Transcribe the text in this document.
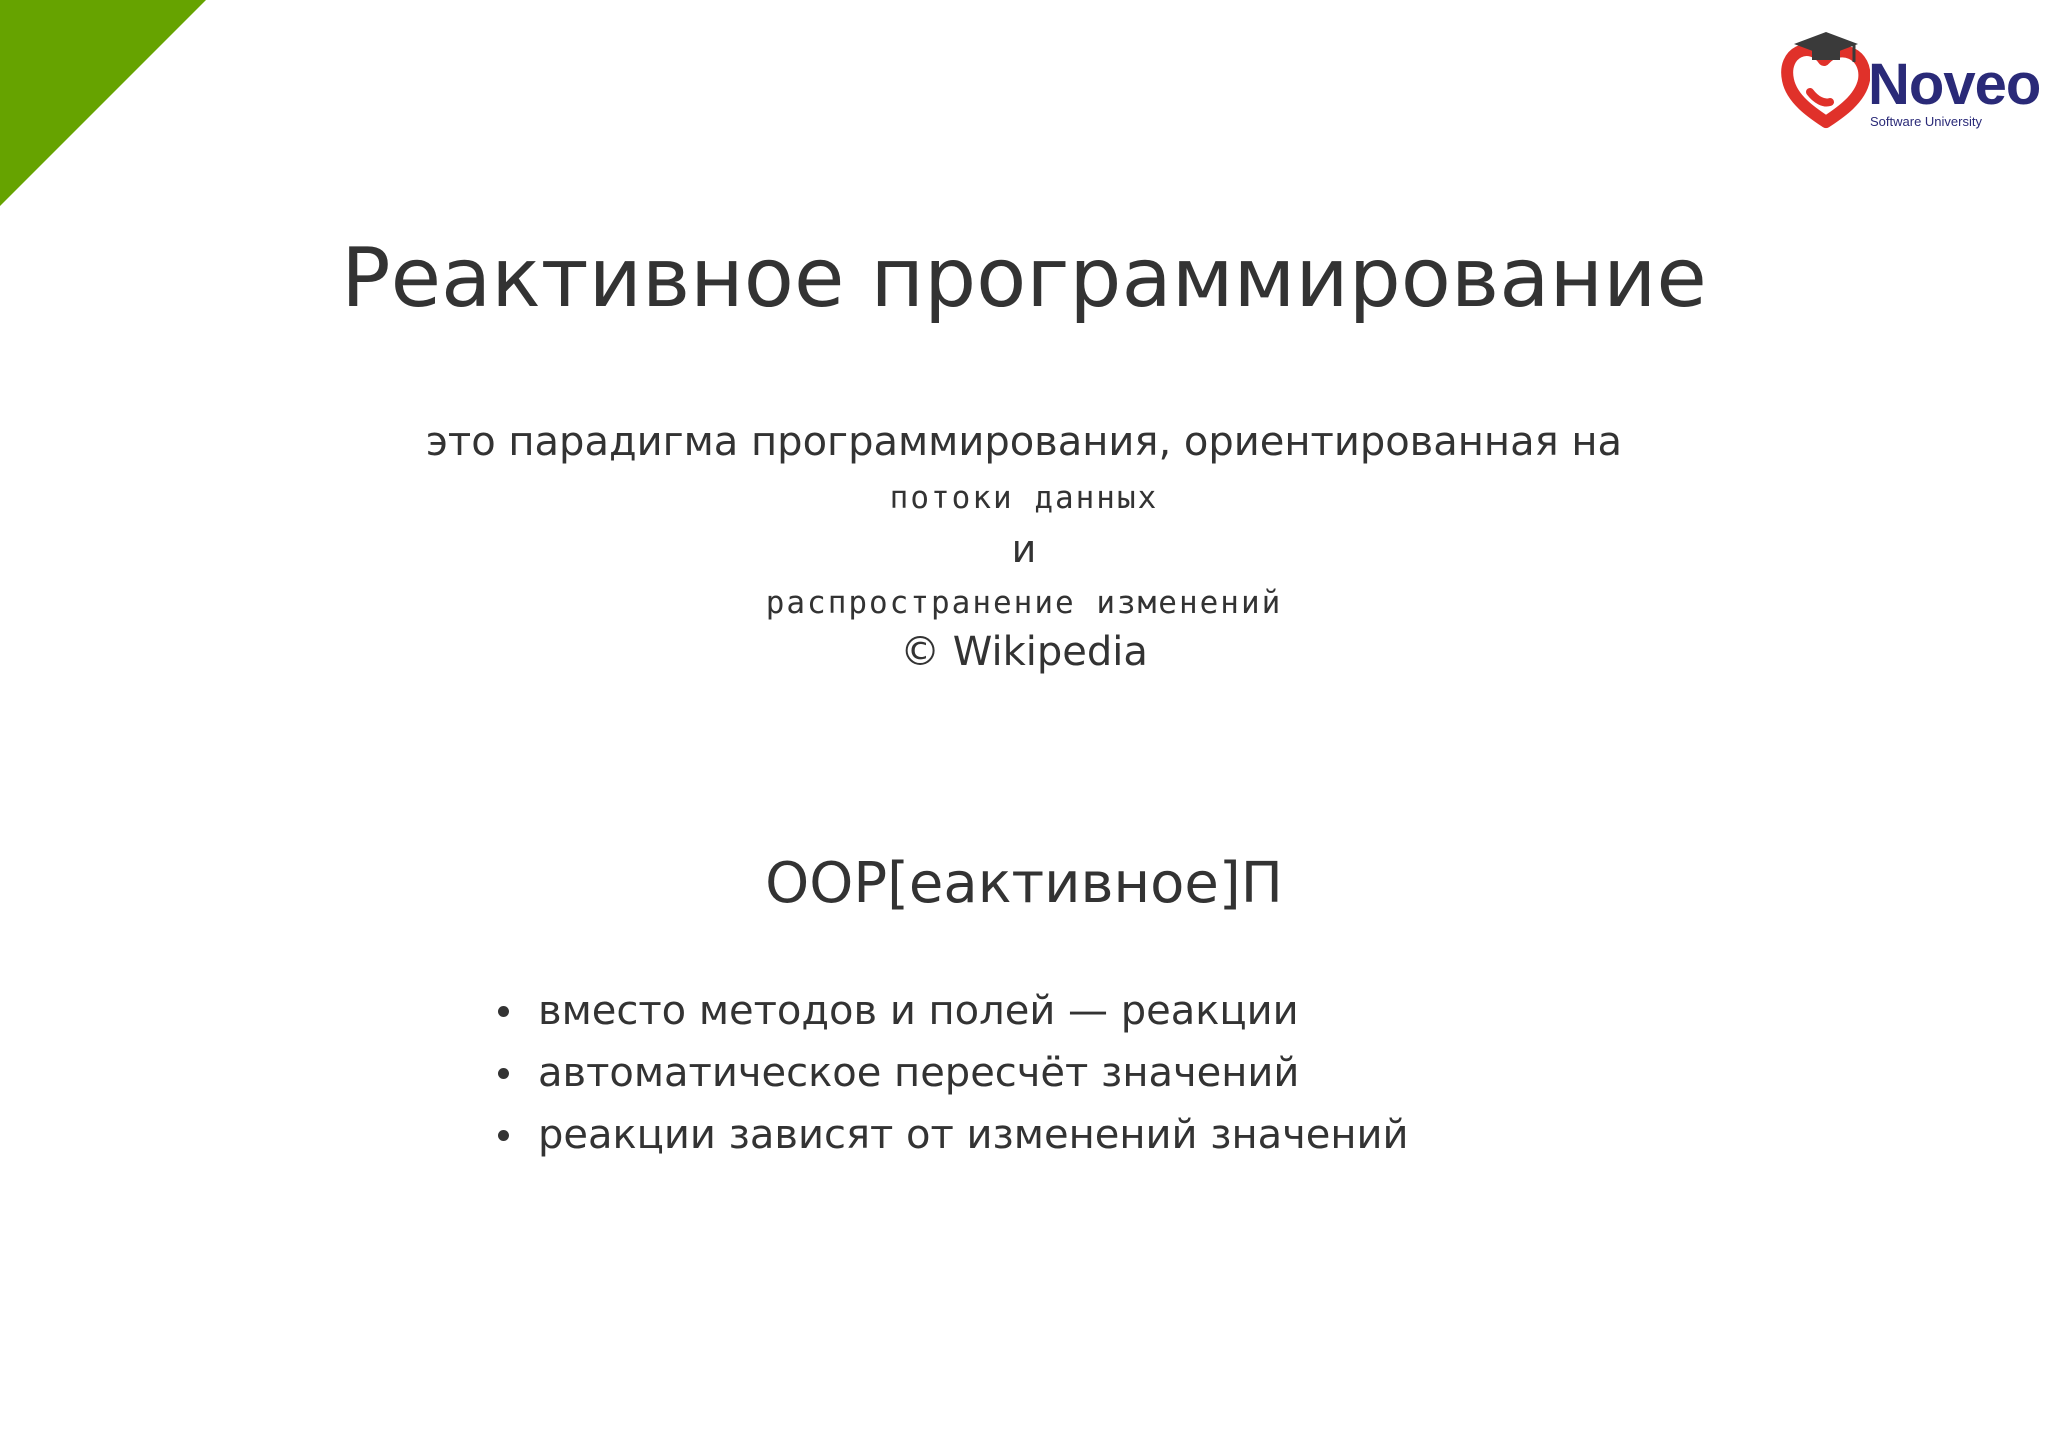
Noveo
Software University
Реактивное программирование
это парадигма программирования, ориентированная на
потоки данных
и
распространение изменений
© Wikipedia
ООР[еактивное]П
вместо методов и полей — реакции
автоматическое пересчёт значений
реакции зависят от изменений значений
